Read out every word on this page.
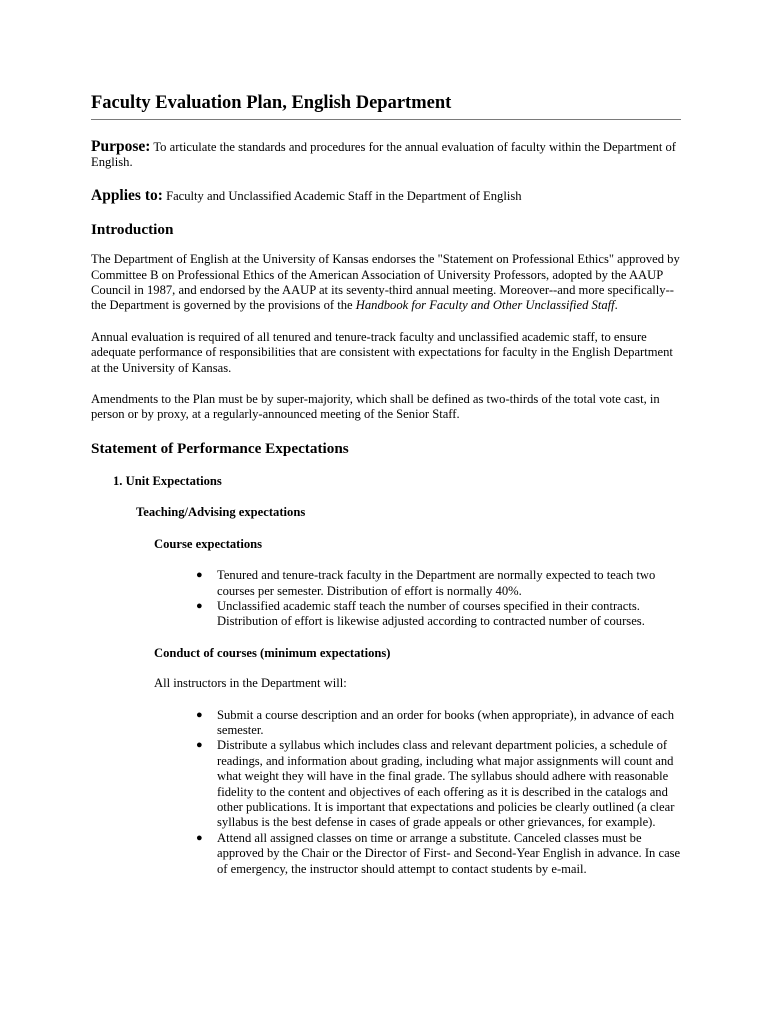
Faculty Evaluation Plan, English Department

Purpose: To articulate the standards and procedures for the annual evaluation of faculty within the Department of English.

Applies to: Faculty and Unclassified Academic Staff in the Department of English

Introduction

The Department of English at the University of Kansas endorses the "Statement on Professional Ethics" approved by Committee B on Professional Ethics of the American Association of University Professors, adopted by the AAUP Council in 1987, and endorsed by the AAUP at its seventy-third annual meeting. Moreover--and more specifically--the Department is governed by the provisions of the Handbook for Faculty and Other Unclassified Staff.

Annual evaluation is required of all tenured and tenure-track faculty and unclassified academic staff, to ensure adequate performance of responsibilities that are consistent with expectations for faculty in the English Department at the University of Kansas.

Amendments to the Plan must be by super-majority, which shall be defined as two-thirds of the total vote cast, in person or by proxy, at a regularly-announced meeting of the Senior Staff.

Statement of Performance Expectations
1. Unit Expectations
Teaching/Advising expectations
Course expectations
● Tenured and tenure-track faculty in the Department are normally expected to teach two courses per semester. Distribution of effort is normally 40%.
● Unclassified academic staff teach the number of courses specified in their contracts. Distribution of effort is likewise adjusted according to contracted number of courses.
Conduct of courses (minimum expectations)

All instructors in the Department will:

● Submit a course description and an order for books (when appropriate), in advance of each semester.
● Distribute a syllabus which includes class and relevant department policies, a schedule of readings, and information about grading, including what major assignments will count and what weight they will have in the final grade. The syllabus should adhere with reasonable fidelity to the content and objectives of each offering as it is described in the catalogs and other publications. It is important that expectations and policies be clearly outlined (a clear syllabus is the best defense in cases of grade appeals or other grievances, for example).
● Attend all assigned classes on time or arrange a substitute. Canceled classes must be approved by the Chair or the Director of First- and Second-Year English in advance. In case of emergency, the instructor should attempt to contact students by e-mail.
